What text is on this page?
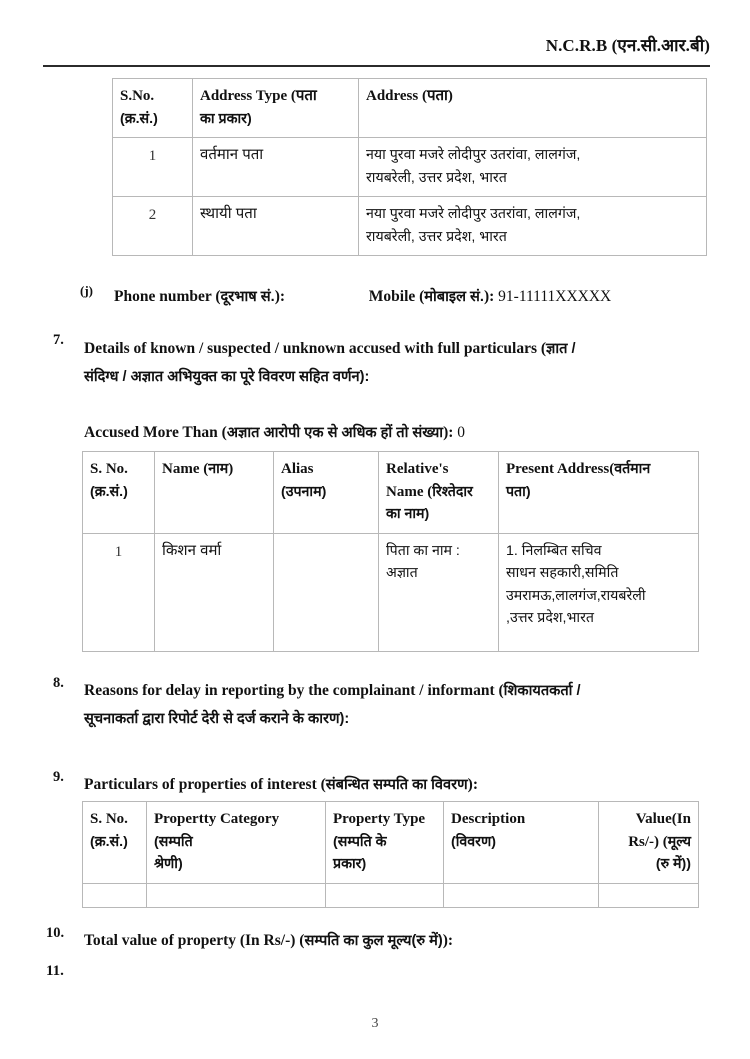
N.C.R.B (एन.सी.आर.बी)
S.No.
(क्र.सं.)	Address Type (पता
का प्रकार)	Address (पता)
1	वर्तमान पता	नया पुरवा मजरे लोदीपुर उतरांवा, लालगंज,
रायबरेली, उत्तर प्रदेश, भारत
2	स्थायी पता	नया पुरवा मजरे लोदीपुर उतरांवा, लालगंज,
रायबरेली, उत्तर प्रदेश, भारत
(j) Phone number (दूरभाष सं.):	Mobile (मोबाइल सं.): 91-11111XXXXX
7. Details of known / suspected / unknown accused with full particulars (ज्ञात /
संदिग्ध / अज्ञात अभियुक्त का पूरे विवरण सहित वर्णन):
Accused More Than (अज्ञात आरोपी एक से अधिक हों तो संख्या): 0
S. No.
(क्र.सं.)	Name (नाम)	Alias
(उपनाम)	Relative's
Name (रिश्तेदार
का नाम)	Present Address(वर्तमान
पता)
1	किशन वर्मा		पिता का नाम :
अज्ञात	1. निलम्बित सचिव
साधन सहकारी,समिति
उमरामऊ,लालगंज,रायबरेली
,उत्तर प्रदेश,भारत
8. Reasons for delay in reporting by the complainant / informant (शिकायतकर्ता /
सूचनाकर्ता द्वारा रिपोर्ट देरी से दर्ज कराने के कारण):
9. Particulars of properties of interest (संबन्धित सम्पति का विवरण):
S. No.
(क्र.सं.)	Propertty Category
(सम्पति
श्रेणी)	Property Type
(सम्पति के
प्रकार)	Description
(विवरण)	Value(In
Rs/-) (मूल्य
(रु में))

10. Total value of property (In Rs/-) (सम्पति का कुल मूल्य(रु में)):
11.
3
